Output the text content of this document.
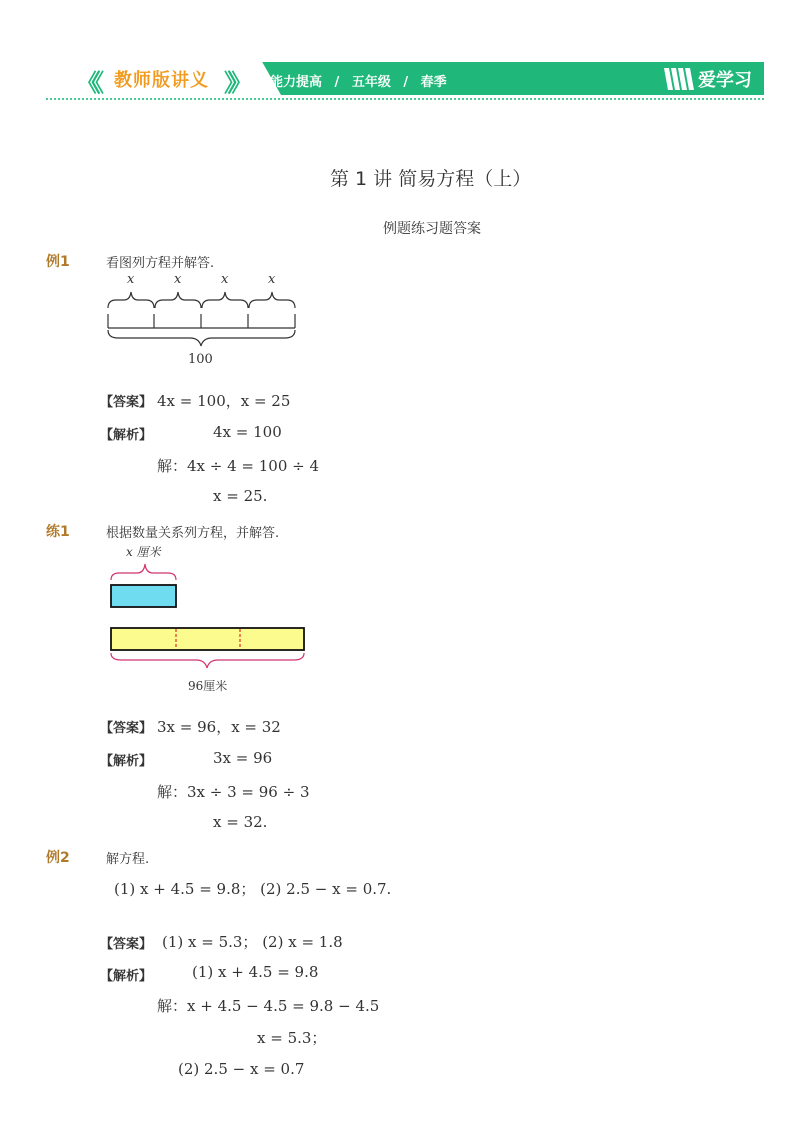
《《 教师版讲义 》》 能力提高 / 五年级 / 春季	爱学习
第 1 讲 简易方程（上）
例题练习题答案
例1	看图列方程并解答.
x	x	x	x
100
【答案】 4x = 100，x = 25
【解析】	4x = 100
解：4x ÷ 4 = 100 ÷ 4
x = 25.
练1	根据数量关系列方程，并解答.
x 厘米
96厘米
【答案】 3x = 96，x = 32
【解析】	3x = 96
解：3x ÷ 3 = 96 ÷ 3
x = 32.
例2	解方程.
(1) x + 4.5 = 9.8； (2) 2.5 − x = 0.7.
【答案】 (1) x = 5.3； (2) x = 1.8
【解析】	(1) x + 4.5 = 9.8
解：x + 4.5 − 4.5 = 9.8 − 4.5
x = 5.3；
(2) 2.5 − x = 0.7
